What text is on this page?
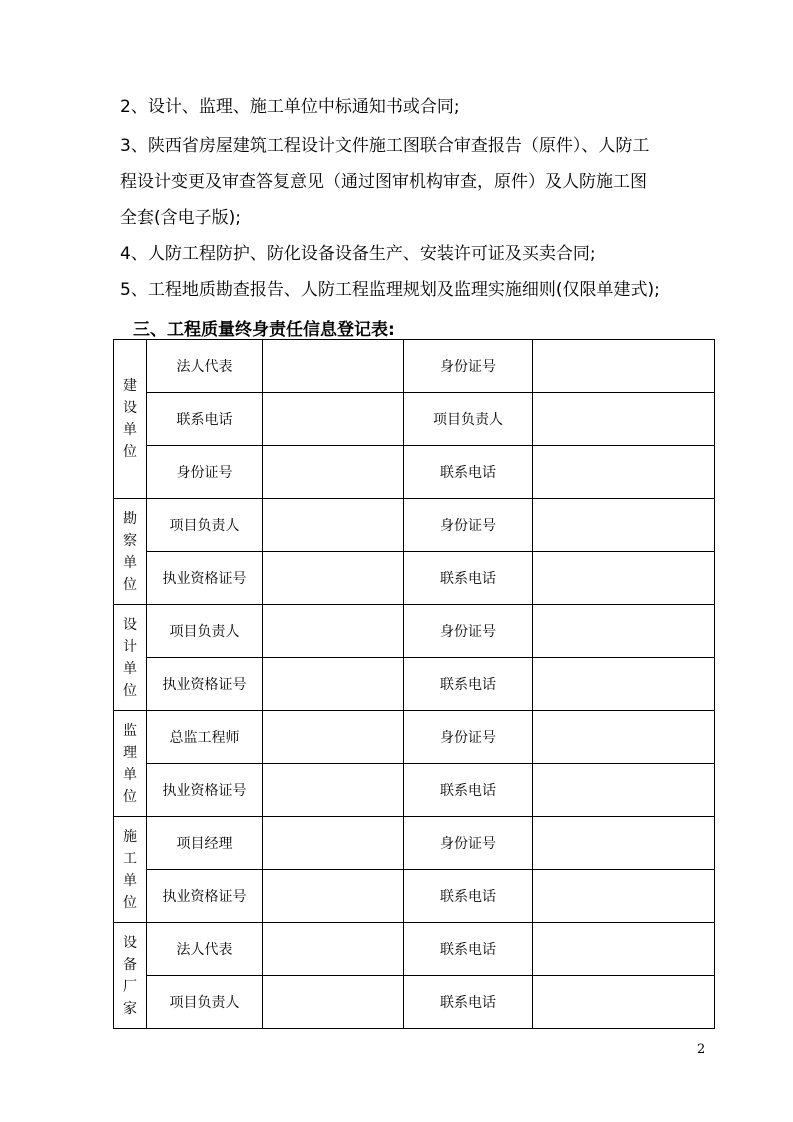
2、设计、监理、施工单位中标通知书或合同;
3、陕西省房屋建筑工程设计文件施工图联合审查报告（原件）、人防工
程设计变更及审查答复意见（通过图审机构审查，原件）及人防施工图
全套(含电子版);
4、人防工程防护、防化设备设备生产、安装许可证及买卖合同;
5、工程地质勘查报告、人防工程监理规划及监理实施细则(仅限单建式);
三、工程质量终身责任信息登记表:
建设单位	法人代表		身份证号	
	联系电话		项目负责人	
	身份证号		联系电话	
勘察单位	项目负责人		身份证号	
	执业资格证号		联系电话	
设计单位	项目负责人		身份证号	
	执业资格证号		联系电话	
监理单位	总监工程师		身份证号	
	执业资格证号		联系电话	
施工单位	项目经理		身份证号	
	执业资格证号		联系电话	
设备厂家	法人代表		联系电话	
	项目负责人		联系电话	
2
